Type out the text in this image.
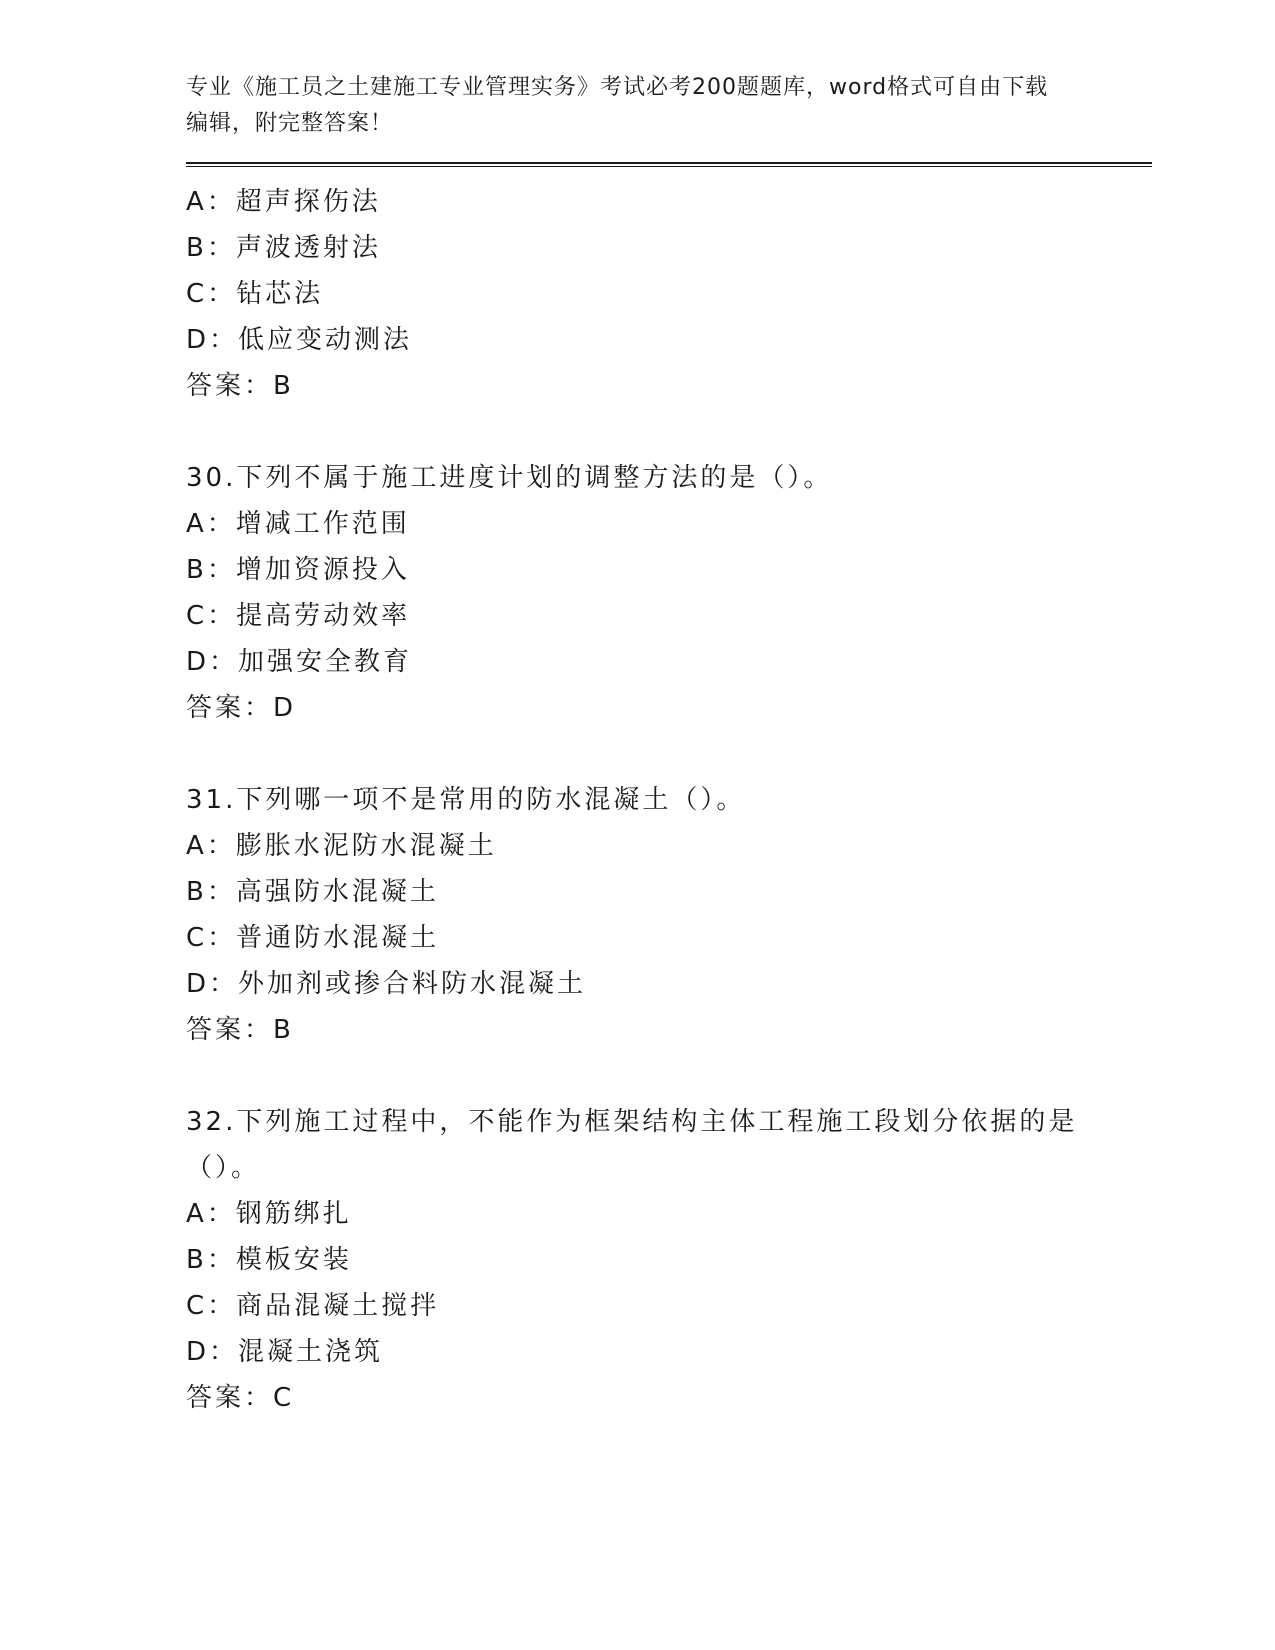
专业《施工员之土建施工专业管理实务》考试必考200题题库，word格式可自由下载编辑，附完整答案！

A：超声探伤法
B：声波透射法
C：钻芯法
D：低应变动测法
答案：B
30.下列不属于施工进度计划的调整方法的是（）。
A：增减工作范围
B：增加资源投入
C：提高劳动效率
D：加强安全教育
答案：D
31.下列哪一项不是常用的防水混凝土（）。
A：膨胀水泥防水混凝土
B：高强防水混凝土
C：普通防水混凝土
D：外加剂或掺合料防水混凝土
答案：B
32.下列施工过程中，不能作为框架结构主体工程施工段划分依据的是（）。
A：钢筋绑扎
B：模板安装
C：商品混凝土搅拌
D：混凝土浇筑
答案：C
